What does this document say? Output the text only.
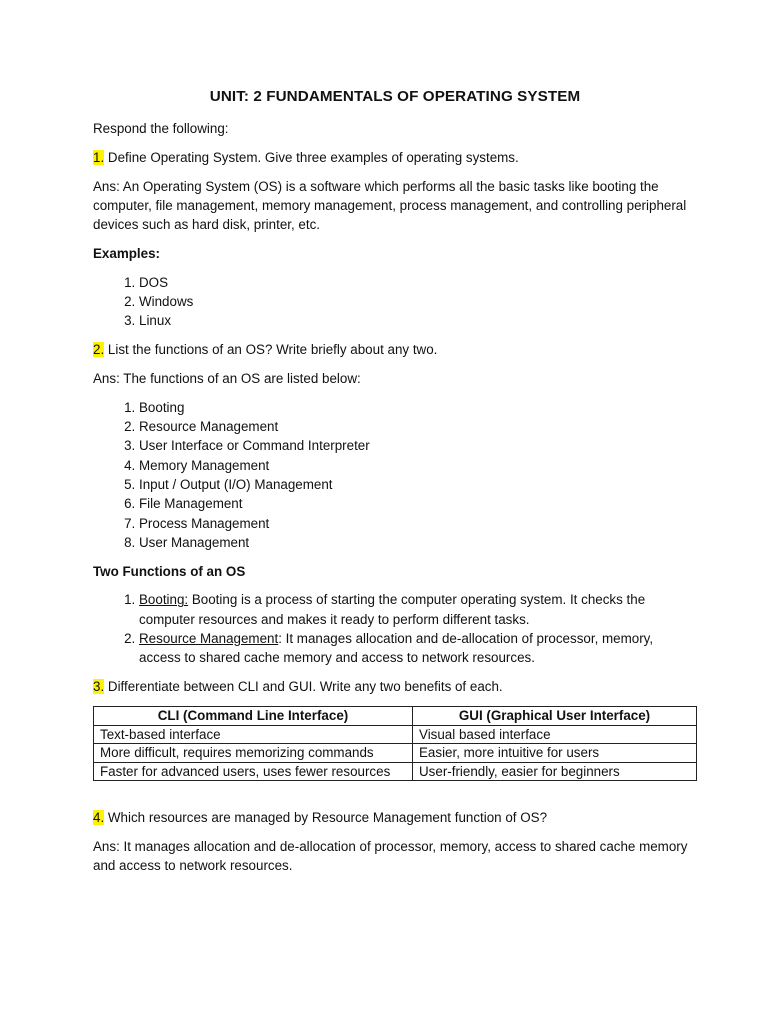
UNIT: 2 FUNDAMENTALS OF OPERATING SYSTEM

Respond the following:

1. Define Operating System. Give three examples of operating systems.

Ans: An Operating System (OS) is a software which performs all the basic tasks like booting the computer, file management, memory management, process management, and controlling peripheral devices such as hard disk, printer, etc.

Examples:

1. DOS
2. Windows
3. Linux

2. List the functions of an OS? Write briefly about any two.

Ans: The functions of an OS are listed below:

1. Booting
2. Resource Management
3. User Interface or Command Interpreter
4. Memory Management
5. Input / Output (I/O) Management
6. File Management
7. Process Management
8. User Management

Two Functions of an OS

1. Booting: Booting is a process of starting the computer operating system. It checks the computer resources and makes it ready to perform different tasks.
2. Resource Management: It manages allocation and de-allocation of processor, memory, access to shared cache memory and access to network resources.

3. Differentiate between CLI and GUI. Write any two benefits of each.

CLI (Command Line Interface)	GUI (Graphical User Interface)
Text-based interface	Visual based interface
More difficult, requires memorizing commands	Easier, more intuitive for users
Faster for advanced users, uses fewer resources	User-friendly, easier for beginners

4. Which resources are managed by Resource Management function of OS?

Ans: It manages allocation and de-allocation of processor, memory, access to shared cache memory and access to network resources.
